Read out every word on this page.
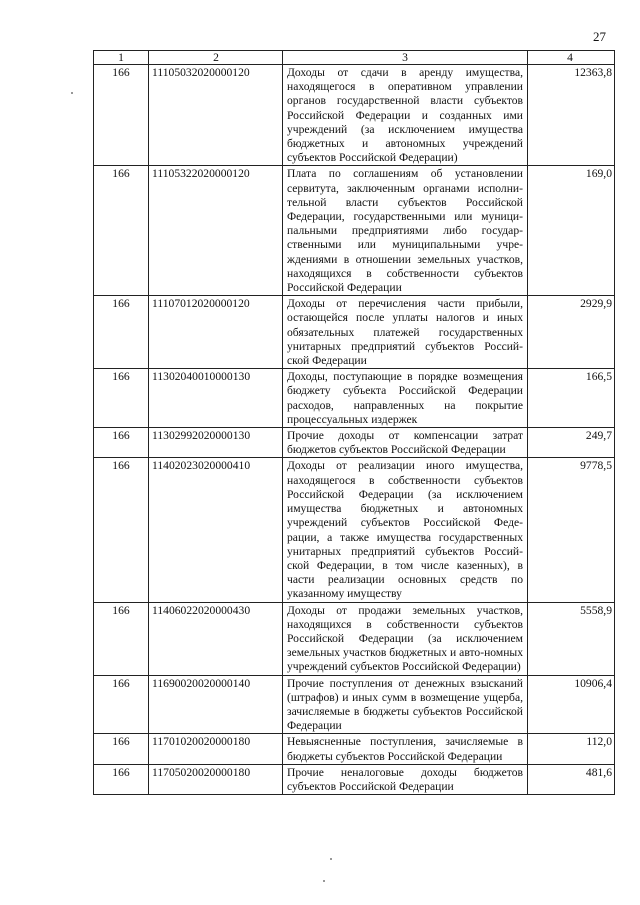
27
1	2	3	4
166	11105032020000120	Доходы от сдачи в аренду имущества, находящегося в оперативном управлении органов государственной власти субъектов Российской Федерации и созданных ими учреждений (за исключением имущества бюджетных и автономных учреждений субъектов Российской Федерации)	12363,8
166	11105322020000120	Плата по соглашениям об установлении сервитута, заключенным органами исполни-тельной власти субъектов Российской Федерации, государственными или муници-пальными предприятиями либо государ-ственными или муниципальными учре-ждениями в отношении земельных участков, находящихся в собственности субъектов Российской Федерации	169,0
166	11107012020000120	Доходы от перечисления части прибыли, остающейся после уплаты налогов и иных обязательных платежей государственных унитарных предприятий субъектов Россий-ской Федерации	2929,9
166	11302040010000130	Доходы, поступающие в порядке возмещения бюджету субъекта Российской Федерации расходов, направленных на покрытие процессуальных издержек	166,5
166	11302992020000130	Прочие доходы от компенсации затрат бюджетов субъектов Российской Федерации	249,7
166	11402023020000410	Доходы от реализации иного имущества, находящегося в собственности субъектов Российской Федерации (за исключением имущества бюджетных и автономных учреждений субъектов Российской Феде-рации, а также имущества государственных унитарных предприятий субъектов Россий-ской Федерации, в том числе казенных), в части реализации основных средств по указанному имуществу	9778,5
166	11406022020000430	Доходы от продажи земельных участков, находящихся в собственности субъектов Российской Федерации (за исключением земельных участков бюджетных и авто-номных учреждений субъектов Российской Федерации)	5558,9
166	11690020020000140	Прочие поступления от денежных взысканий (штрафов) и иных сумм в возмещение ущерба, зачисляемые в бюджеты субъектов Российской Федерации	10906,4
166	11701020020000180	Невыясненные поступления, зачисляемые в бюджеты субъектов Российской Федерации	112,0
166	11705020020000180	Прочие неналоговые доходы бюджетов субъектов Российской Федерации	481,6
